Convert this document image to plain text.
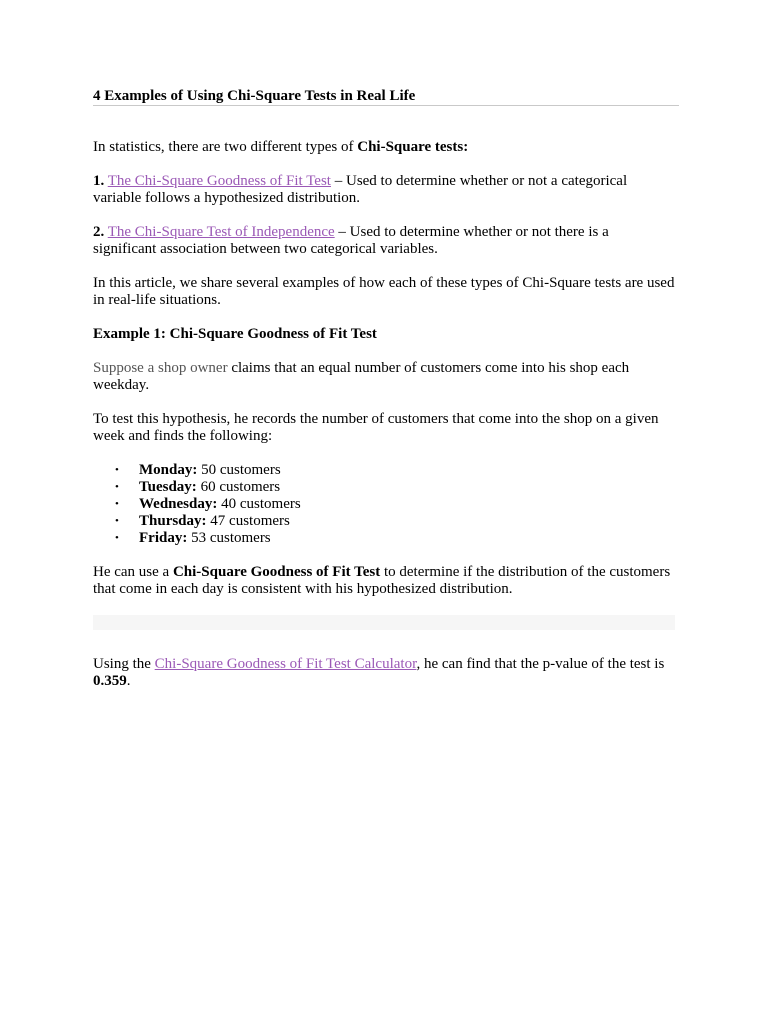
4 Examples of Using Chi-Square Tests in Real Life

In statistics, there are two different types of Chi-Square tests:

1. The Chi-Square Goodness of Fit Test – Used to determine whether or not a categorical variable follows a hypothesized distribution.

2. The Chi-Square Test of Independence – Used to determine whether or not there is a significant association between two categorical variables.

In this article, we share several examples of how each of these types of Chi-Square tests are used in real-life situations.

Example 1: Chi-Square Goodness of Fit Test

Suppose a shop owner claims that an equal number of customers come into his shop each weekday.

To test this hypothesis, he records the number of customers that come into the shop on a given week and finds the following:

• Monday: 50 customers
• Tuesday: 60 customers
• Wednesday: 40 customers
• Thursday: 47 customers
• Friday: 53 customers

He can use a Chi-Square Goodness of Fit Test to determine if the distribution of the customers that come in each day is consistent with his hypothesized distribution.

Using the Chi-Square Goodness of Fit Test Calculator, he can find that the p-value of the test is 0.359.
